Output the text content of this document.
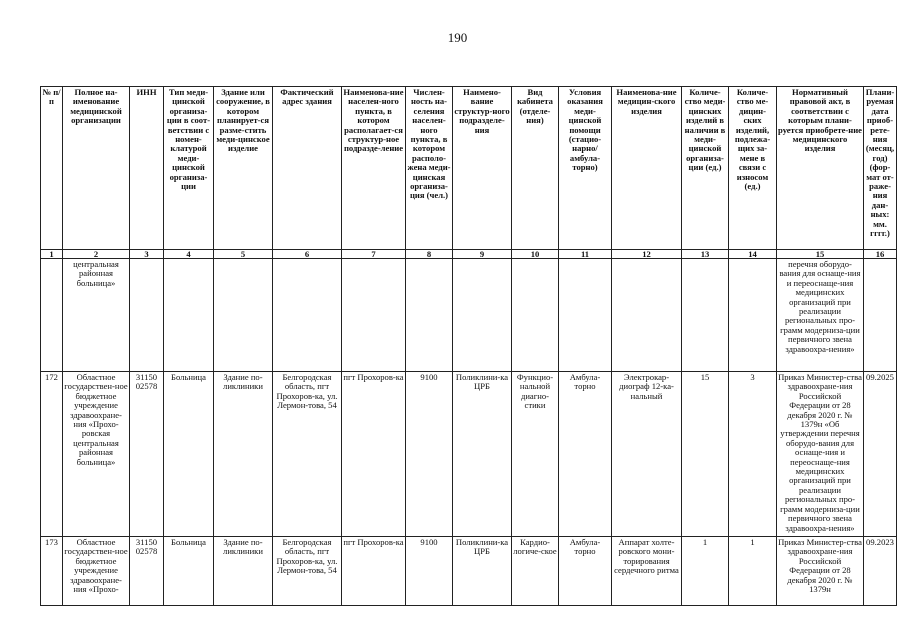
190
№ п/п	Полное на-именование медицинской организации	ИНН	Тип меди-цинской организа-ции в соот-ветствии с номен-клатурой меди-цинской организа-ции	Здание или сооружение, в котором планирует-ся размe-стить меди-цинское изделие	Фактический адрес здания	Наименова-ние населен-ного пункта, в котором располагает-ся структур-ное подразде-ление	Числен-ность на-селения населен-ного пункта, в котором располо-жена меди-цинская организа-ция (чел.)	Наимено-вание структур-ного подразделе-ния	Вид кабинета (отделе-ния)	Условия оказания меди-цинской помощи (стацио-нарно/ амбула-торно)	Наименова-ние медицин-ского изделия	Количе-ство меди-цинских изделий в наличии в меди-цинской организа-ции (ед.)	Количе-ство ме-дицин-ских изделий, подлежа-щих за-мене в связи с износом (ед.)	Нормативный правовой акт, в соответствии с которым плани-руется приобрете-ние медицинского изделия	Плани-руемая дата приоб-рете-ния (месяц, год) (фор-мат от-раже-ния дан-ных: мм. гггг.)
1	2	3	4	5	6	7	8	9	10	11	12	13	14	15	16
	центральная районная больница»													перечня оборудо-вания для оснаще-ния и переоснаще-ния медицинских организаций при реализации региональных про-грамм модерниза-ции первичного звена здравоохра-нения»	
172	Областное государствен-ное бюджетное учреждение здравоохране-ния «Прохо-ровская центральная районная больница»	31150 02578	Больница	Здание по-ликлиники	Белгородская область, пгт Прохоров-ка, ул. Лермон-това, 54	пгт Прохоров-ка	9100	Поликлини-ка ЦРБ	Функцио-нальной диагно-стики	Амбула-торно	Электрокар-диограф 12-ка-нальный	15	3	Приказ Министер-ства здравоохране-ния Российской Федерации от 28 декабря 2020 г. № 1379н «Об утверждении перечня оборудо-вания для оснаще-ния и переоснаще-ния медицинских организаций при реализации региональных про-грамм модерниза-ции первичного звена здравоохра-нения»	09.2025
173	Областное государствен-ное бюджетное учреждение здравоохране-ния «Прохо-	31150 02578	Больница	Здание по-ликлиники	Белгородская область, пгт Прохоров-ка, ул. Лермон-това, 54	пгт Прохоров-ка	9100	Поликлини-ка ЦРБ	Кардио-логиче-ское	Амбула-торно	Аппарат холте-ровского мони-торирования сердечного ритма	1	1	Приказ Министер-ства здравоохране-ния Российской Федерации от 28 декабря 2020 г. № 1379н	09.2023
